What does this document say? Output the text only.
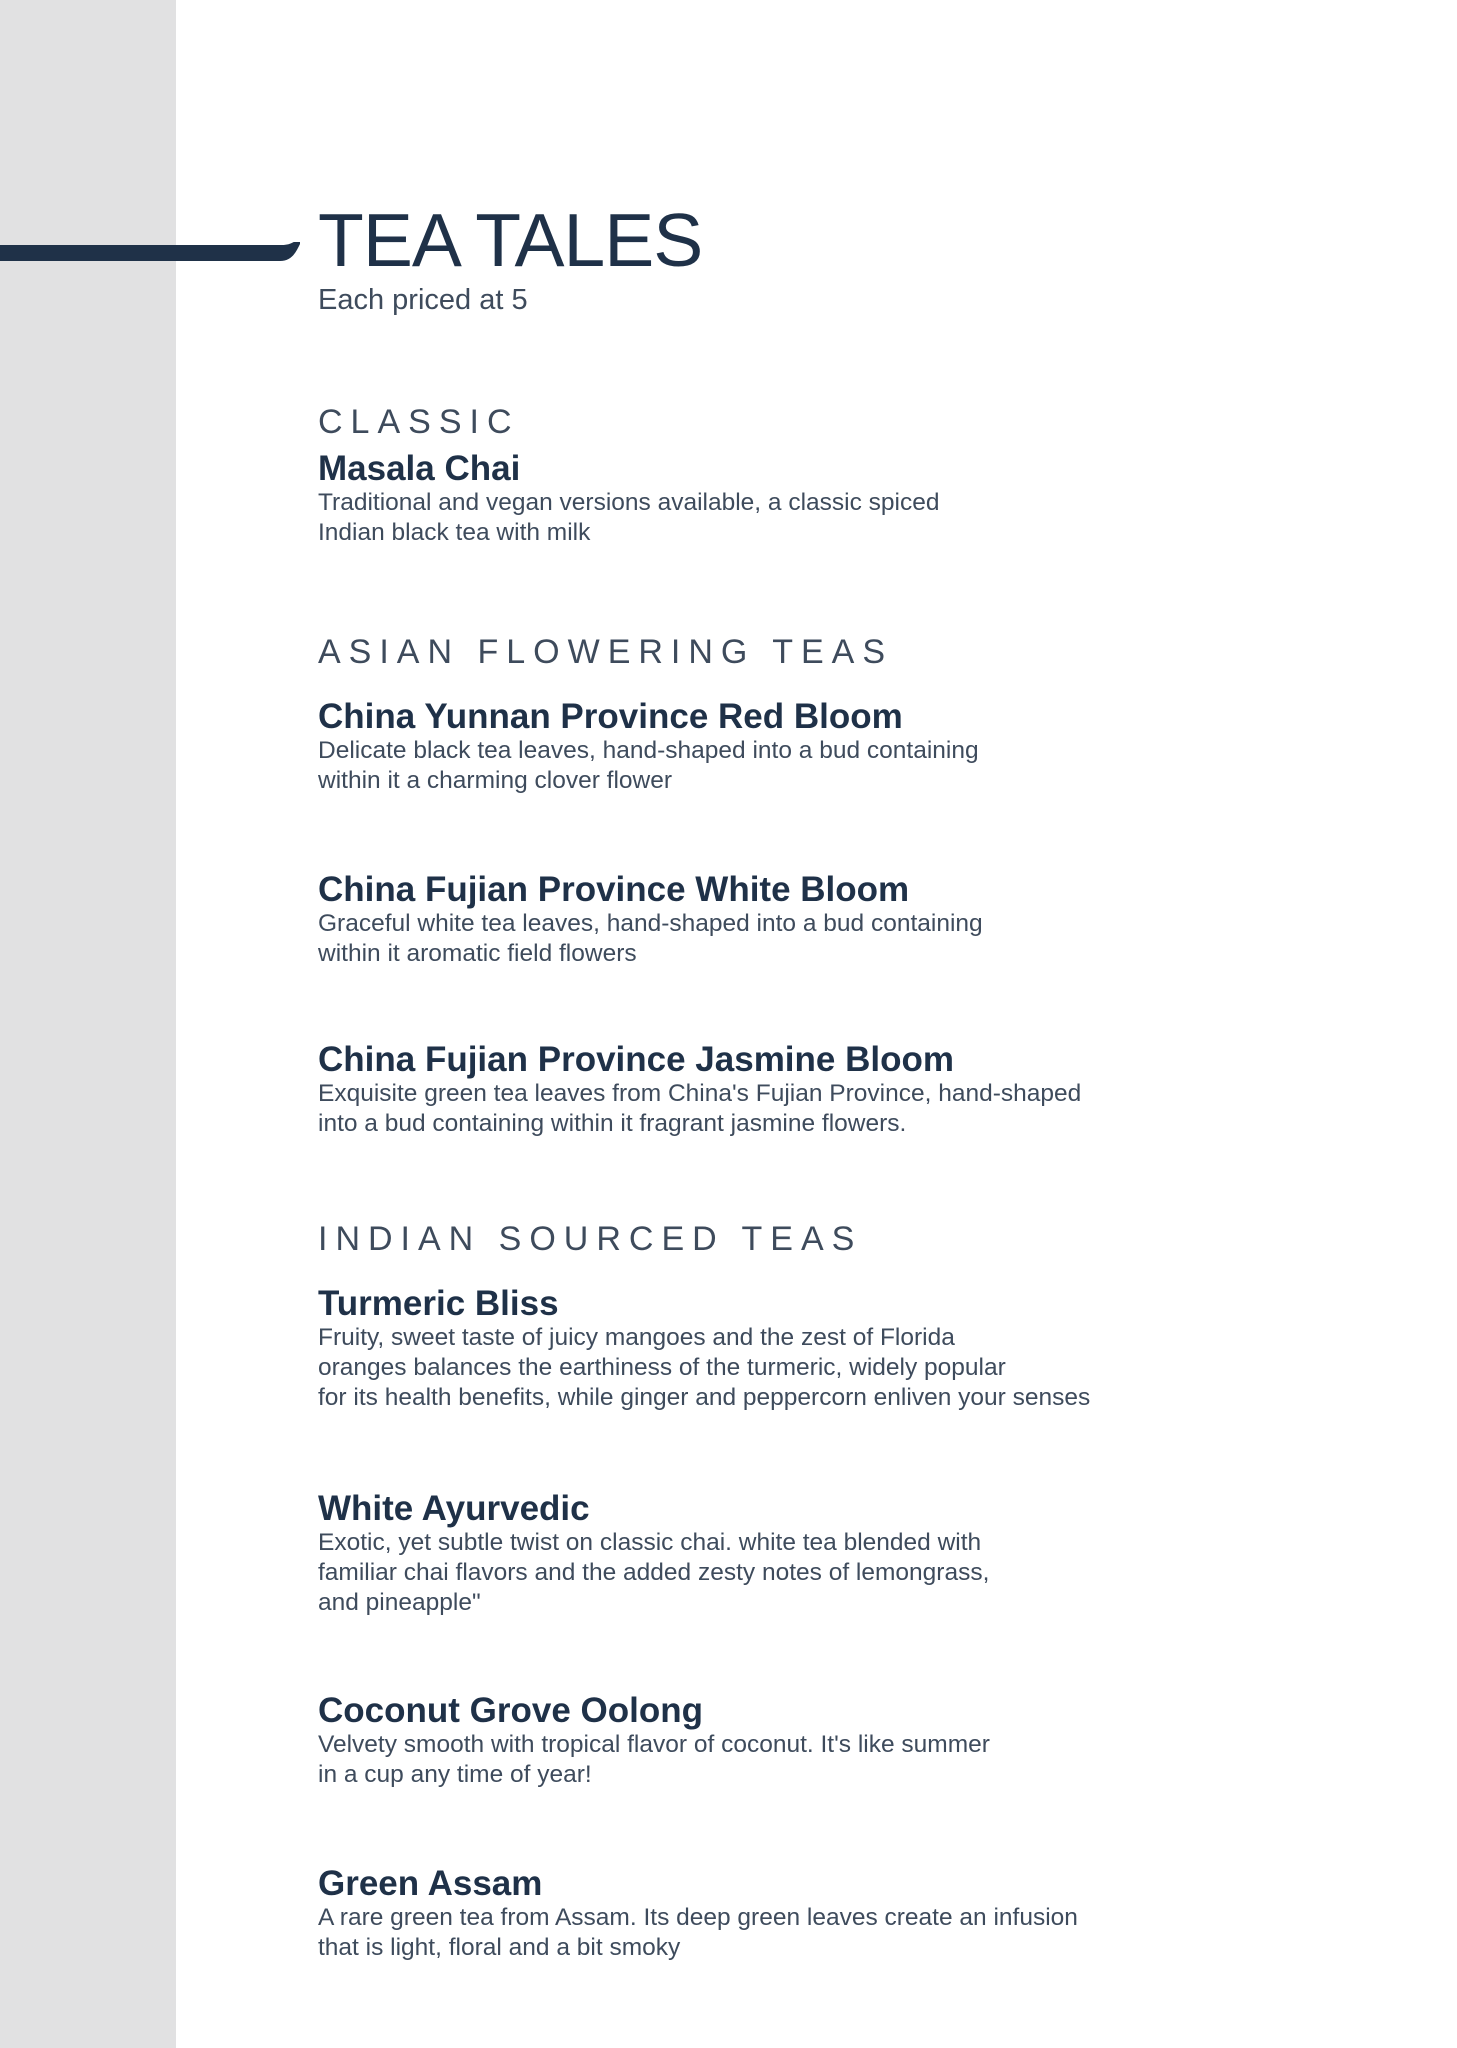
TEA TALES
Each priced at 5
CLASSIC
Masala Chai
Traditional and vegan versions available, a classic spiced
Indian black tea with milk
ASIAN FLOWERING TEAS
China Yunnan Province Red Bloom
Delicate black tea leaves, hand-shaped into a bud containing
within it a charming clover flower
China Fujian Province White Bloom
Graceful white tea leaves, hand-shaped into a bud containing
within it aromatic field flowers
China Fujian Province Jasmine Bloom
Exquisite green tea leaves from China's Fujian Province, hand-shaped
into a bud containing within it fragrant jasmine flowers.
INDIAN SOURCED TEAS
Turmeric Bliss
Fruity, sweet taste of juicy mangoes and the zest of Florida
oranges balances the earthiness of the turmeric, widely popular
for its health benefits, while ginger and peppercorn enliven your senses
White Ayurvedic
Exotic, yet subtle twist on classic chai. white tea blended with
familiar chai flavors and the added zesty notes of lemongrass,
and pineapple"
Coconut Grove Oolong
Velvety smooth with tropical flavor of coconut. It's like summer
in a cup any time of year!
Green Assam
A rare green tea from Assam. Its deep green leaves create an infusion
that is light, floral and a bit smoky
